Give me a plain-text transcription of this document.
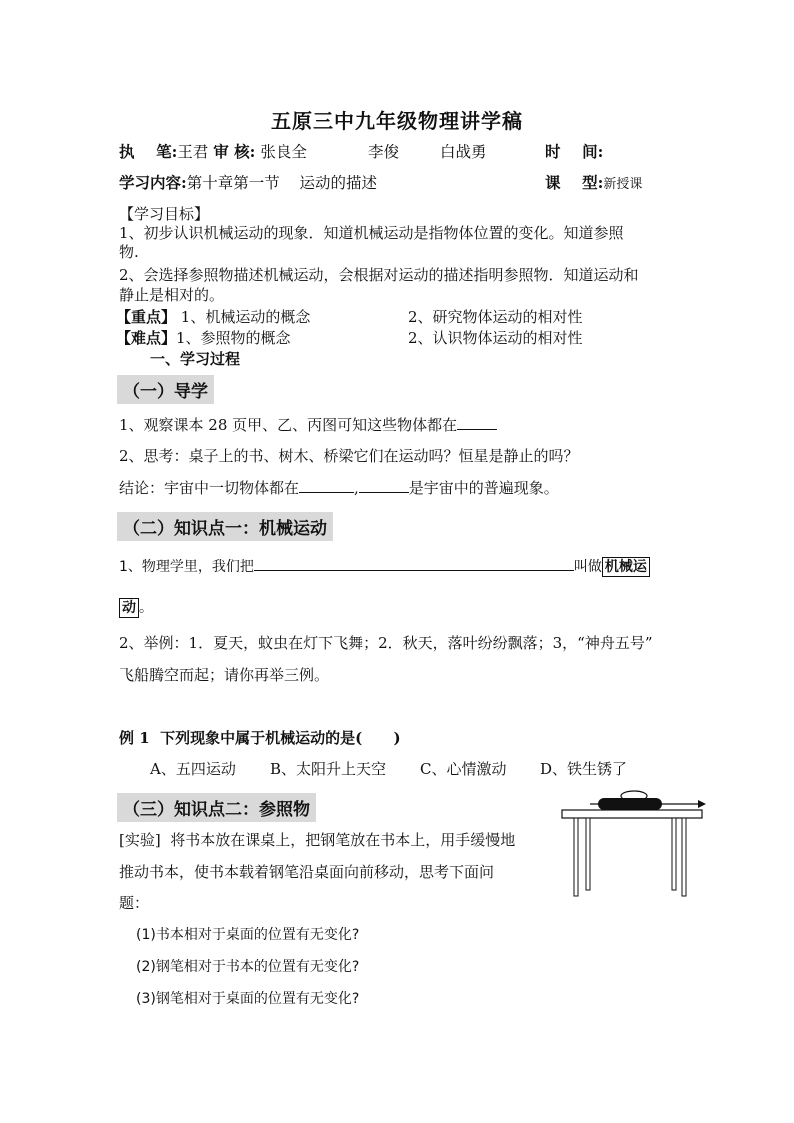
五原三中九年级物理讲学稿
执    笔:王君 审 核: 张良全	李俊	白战勇	时    间:
学习内容:第十章第一节    运动的描述	课    型:新授课
【学习目标】
1、初步认识机械运动的现象．知道机械运动是指物体位置的变化。知道参照
物.
2、会选择参照物描述机械运动，会根据对运动的描述指明参照物．知道运动和
静止是相对的。
【重点】 1、机械运动的概念	2、研究物体运动的相对性
【难点】1、参照物的概念	2、认识物体运动的相对性
一、学习过程
（一）导学
1、观察课本 28 页甲、乙、丙图可知这些物体都在
2、思考：桌子上的书、树木、桥梁它们在运动吗？恒星是静止的吗？
结论：宇宙中一切物体都在	,	是宇宙中的普遍现象。
（二）知识点一：机械运动
1、物理学里，我们把	叫做 机械运
动 。
2、举例：1．夏天，蚊虫在灯下飞舞；2．秋天，落叶纷纷飘落；3，“神舟五号”
飞船腾空而起；请你再举三例。
例 1  下列现象中属于机械运动的是(      )
A、五四运动 B、太阳升上天空 C、心情激动 D、铁生锈了
（三）知识点二：参照物
[实验]  将书本放在课桌上，把钢笔放在书本上，用手缓慢地
推动书本，使书本载着钢笔沿桌面向前移动，思考下面问
题：
(1)书本相对于桌面的位置有无变化?
(2)钢笔相对于书本的位置有无变化?
(3)钢笔相对于桌面的位置有无变化?
